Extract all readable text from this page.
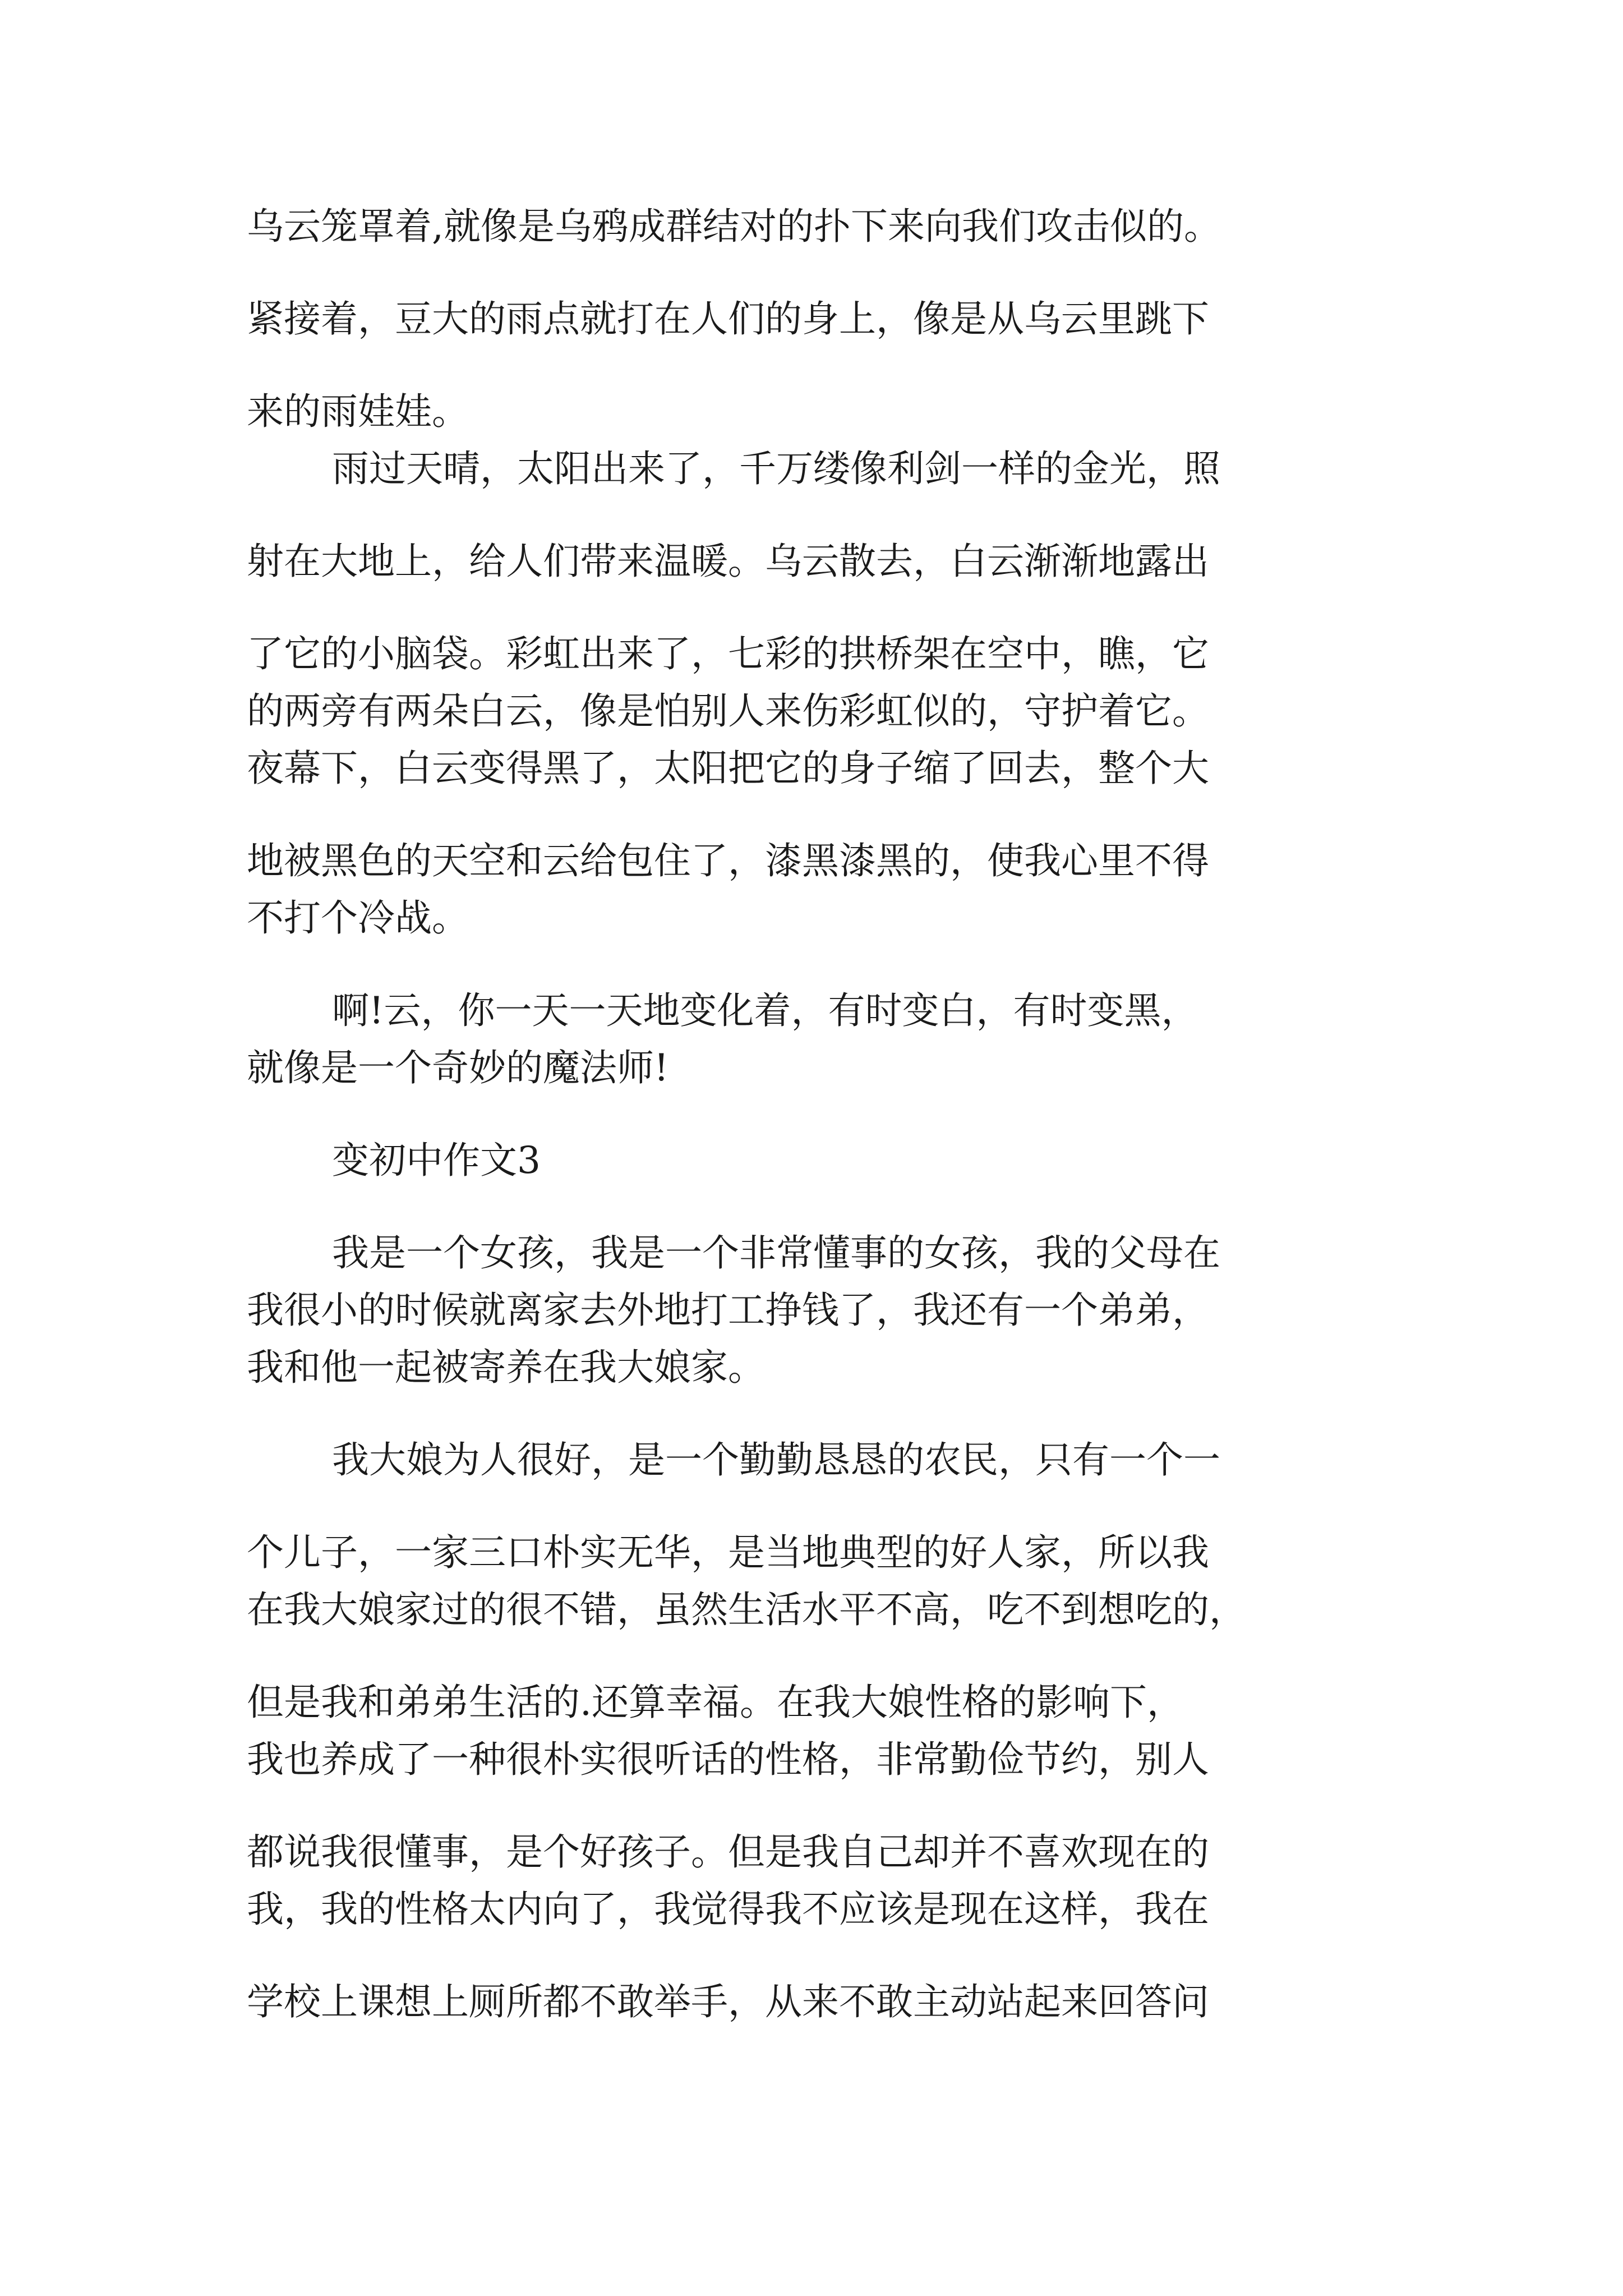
乌云笼罩着,就像是乌鸦成群结对的扑下来向我们攻击似的。

紧接着，豆大的雨点就打在人们的身上，像是从乌云里跳下

来的雨娃娃。

雨过天晴，太阳出来了，千万缕像利剑一样的金光，照

射在大地上，给人们带来温暖。乌云散去，白云渐渐地露出

了它的小脑袋。彩虹出来了，七彩的拱桥架在空中，瞧，它

的两旁有两朵白云，像是怕别人来伤彩虹似的，守护着它。

夜幕下，白云变得黑了，太阳把它的身子缩了回去，整个大

地被黑色的天空和云给包住了，漆黑漆黑的，使我心里不得

不打个冷战。

啊!云，你一天一天地变化着，有时变白，有时变黑，

就像是一个奇妙的魔法师!

变初中作文3

我是一个女孩，我是一个非常懂事的女孩，我的父母在

我很小的时候就离家去外地打工挣钱了，我还有一个弟弟，

我和他一起被寄养在我大娘家。

我大娘为人很好，是一个勤勤恳恳的农民，只有一个一

个儿子，一家三口朴实无华，是当地典型的好人家，所以我

在我大娘家过的很不错，虽然生活水平不高，吃不到想吃的，

但是我和弟弟生活的.还算幸福。在我大娘性格的影响下，

我也养成了一种很朴实很听话的性格，非常勤俭节约，别人

都说我很懂事，是个好孩子。但是我自己却并不喜欢现在的

我，我的性格太内向了，我觉得我不应该是现在这样，我在

学校上课想上厕所都不敢举手，从来不敢主动站起来回答问
